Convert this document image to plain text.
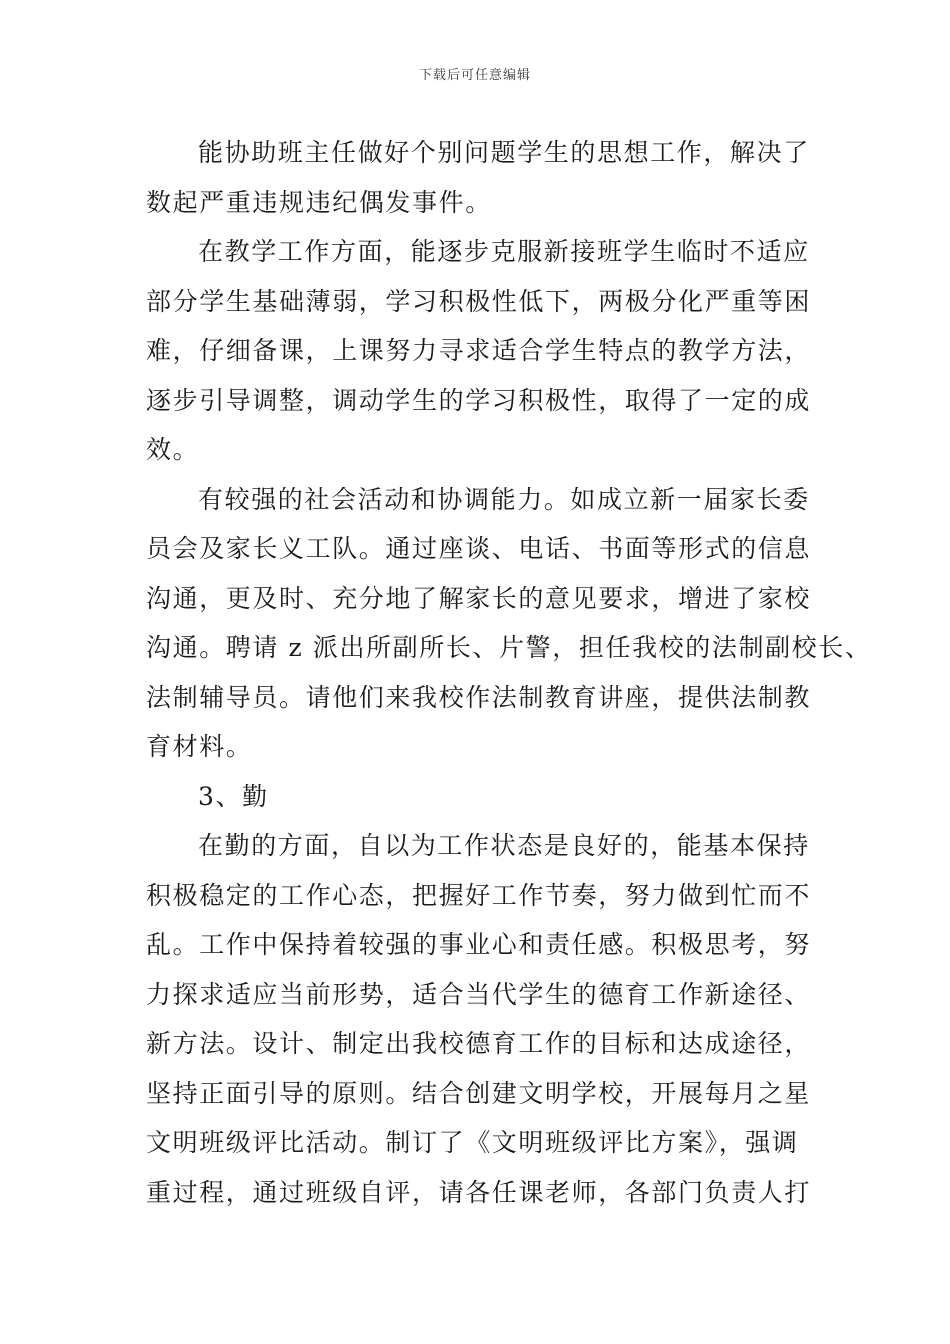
下载后可任意编辑
能协助班主任做好个别问题学生的思想工作，解决了
数起严重违规违纪偶发事件。
在教学工作方面，能逐步克服新接班学生临时不适应
部分学生基础薄弱，学习积极性低下，两极分化严重等困
难，仔细备课，上课努力寻求适合学生特点的教学方法，
逐步引导调整，调动学生的学习积极性，取得了一定的成
效。
有较强的社会活动和协调能力。如成立新一届家长委
员会及家长义工队。通过座谈、电话、书面等形式的信息
沟通，更及时、充分地了解家长的意见要求，增进了家校
沟通。聘请 z 派出所副所长、片警，担任我校的法制副校长、
法制辅导员。请他们来我校作法制教育讲座，提供法制教
育材料。
3、勤
在勤的方面，自以为工作状态是良好的，能基本保持
积极稳定的工作心态，把握好工作节奏，努力做到忙而不
乱。工作中保持着较强的事业心和责任感。积极思考，努
力探求适应当前形势，适合当代学生的德育工作新途径、
新方法。设计、制定出我校德育工作的目标和达成途径，
坚持正面引导的原则。结合创建文明学校，开展每月之星
文明班级评比活动。制订了《文明班级评比方案》，强调
重过程，通过班级自评，请各任课老师，各部门负责人打
